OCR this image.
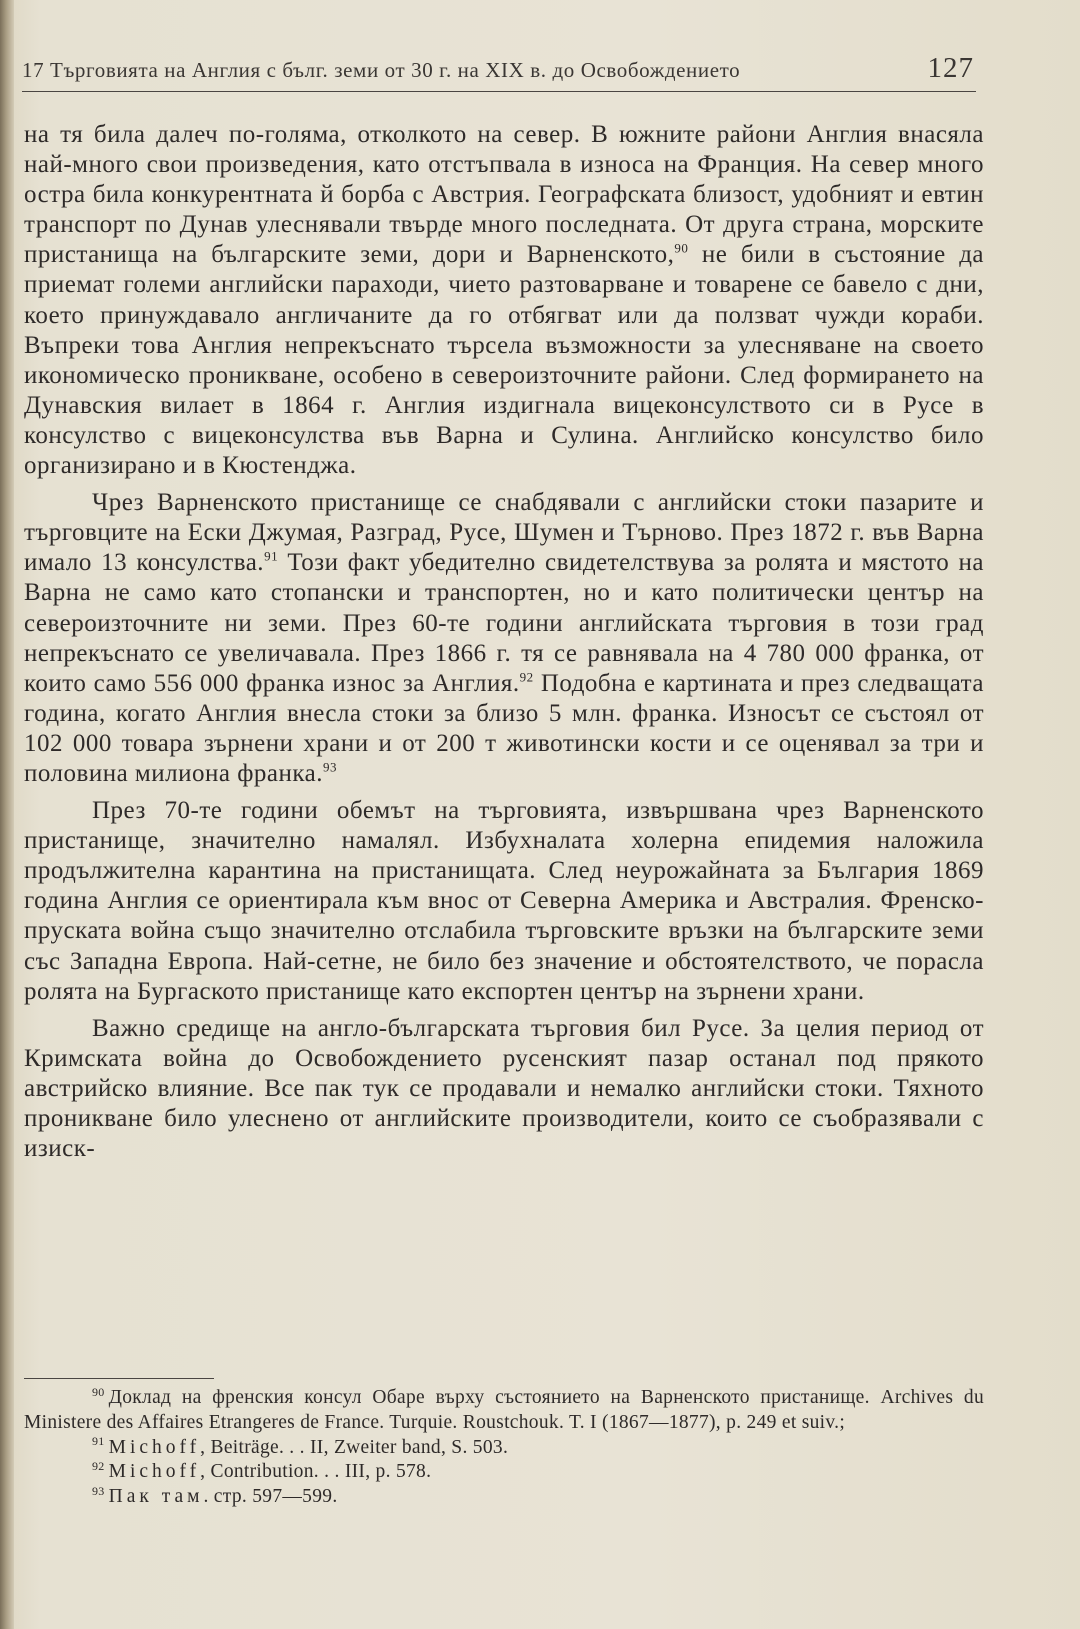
17 Търговията на Англия с бълг. земи от 30 г. на XIX в. до Освобождението	127

на тя била далеч по-голяма, отколкото на север. В южните райони Англия внасяла най-много свои произведения, като отстъпвала в износа на Франция. На север много остра била конкурентната й борба с Австрия. Географската близост, удобният и евтин транспорт по Дунав улеснявали твърде много последната. От друга страна, морските пристанища на българските земи, дори и Варненското,$^{90}$ не били в състояние да приемат големи английски параходи, чието разтоварване и товарене се бавело с дни, което принуждавало англичаните да го отбягват или да ползват чужди кораби. Въпреки това Англия непрекъснато търсела възможности за улесняване на своето икономическо проникване, особено в североизточните райони. След формирането на Дунавския вилает в 1864 г. Англия издигнала вицеконсулството си в Русе в консулство с вицеконсулства във Варна и Сулина. Английско консулство било организирано и в Кюстенджа.

Чрез Варненското пристанище се снабдявали с английски стоки пазарите и търговците на Ески Джумая, Разград, Русе, Шумен и Търново. През 1872 г. във Варна имало 13 консулства.$^{91}$ Този факт убедително свидетелствува за ролята и мястото на Варна не само като стопански и транспортен, но и като политически център на североизточните ни земи. През 60-те години английската търговия в този град непрекъснато се увеличавала. През 1866 г. тя се равнявала на 4 780 000 франка, от които само 556 000 франка износ за Англия.$^{92}$ Подобна е картината и през следващата година, когато Англия внесла стоки за близо 5 млн. франка. Износът се състоял от 102 000 товара зърнени храни и от 200 т животински кости и се оценявал за три и половина милиона франка.$^{93}$

През 70-те години обемът на търговията, извършвана чрез Варненското пристанище, значително намалял. Избухналата холерна епидемия наложила продължителна карантина на пристанищата. След неурожайната за България 1869 година Англия се ориентирала към внос от Северна Америка и Австралия. Френско-пруската война също значително отслабила търговските връзки на българските земи със Западна Европа. Най-сетне, не било без значение и обстоятелството, че порасла ролята на Бургаското пристанище като експортен център на зърнени храни.

Важно средище на англо-българската търговия бил Русе. За целия период от Кримската война до Освобождението русенският пазар останал под прякото австрийско влияние. Все пак тук се продавали и немалко английски стоки. Тяхното проникване било улеснено от английските производители, които се съобразявали с изиск-

$^{90}$ Доклад на френския консул Обаре върху състоянието на Варненското пристанище. Archives du Ministere des Affaires Etrangeres de France. Turquie. Roustchouk. T. I (1867—1877), p. 249 et suiv.;

$^{91}$ Michoff, Beiträge. . . II, Zweiter band, S. 503.

$^{92}$ Michoff, Contribution. . . III, p. 578.

$^{93}$ Пак там. стр. 597—599.
